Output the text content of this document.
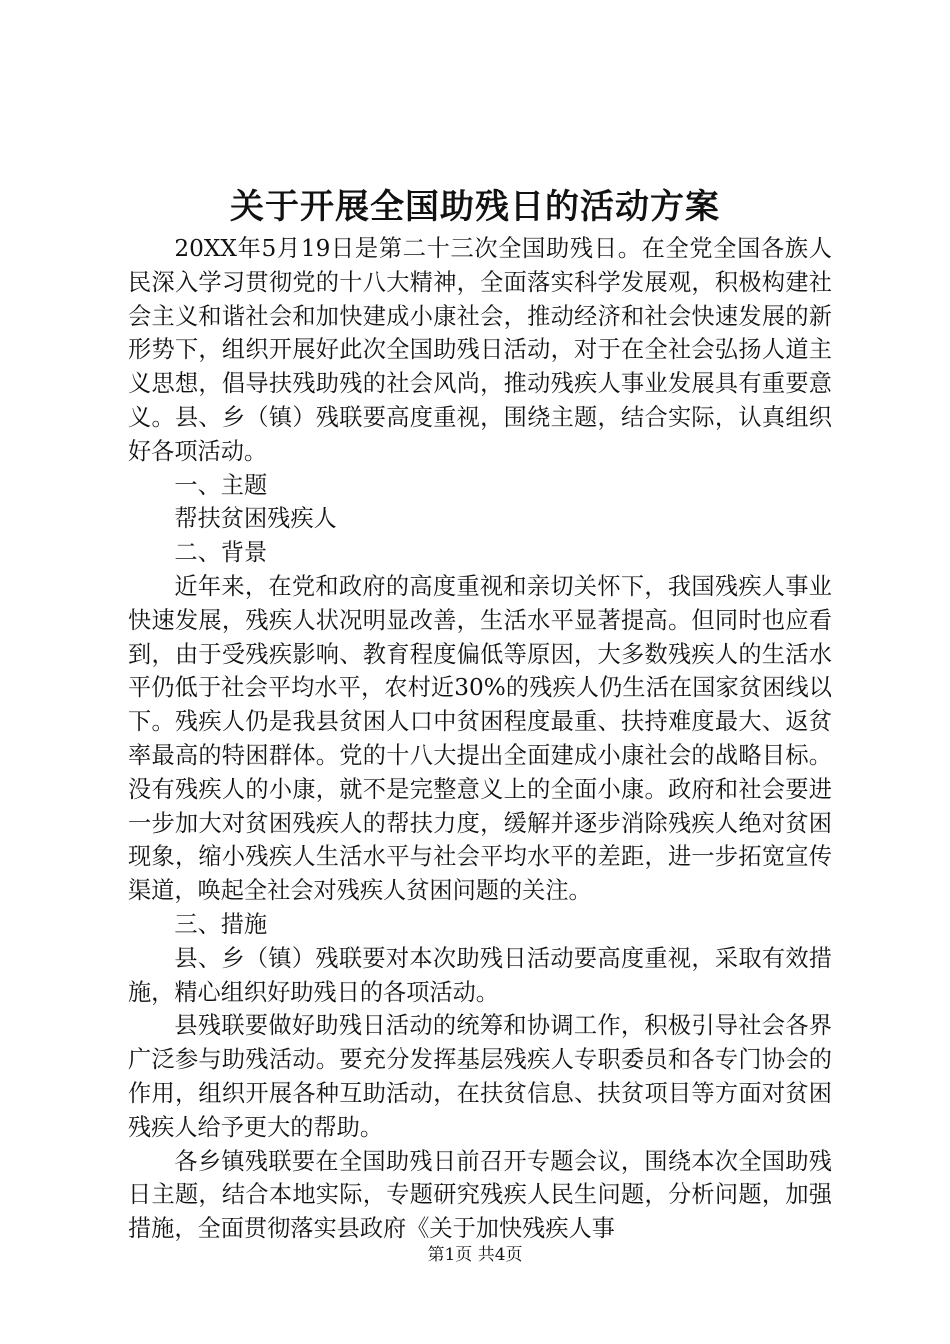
关于开展全国助残日的活动方案

20XX年5月19日是第二十三次全国助残日。在全党全国各族人民深入学习贯彻党的十八大精神，全面落实科学发展观，积极构建社会主义和谐社会和加快建成小康社会，推动经济和社会快速发展的新形势下，组织开展好此次全国助残日活动，对于在全社会弘扬人道主义思想，倡导扶残助残的社会风尚，推动残疾人事业发展具有重要意义。县、乡（镇）残联要高度重视，围绕主题，结合实际，认真组织好各项活动。

一、主题

帮扶贫困残疾人

二、背景

近年来，在党和政府的高度重视和亲切关怀下，我国残疾人事业快速发展，残疾人状况明显改善，生活水平显著提高。但同时也应看到，由于受残疾影响、教育程度偏低等原因，大多数残疾人的生活水平仍低于社会平均水平，农村近30%的残疾人仍生活在国家贫困线以下。残疾人仍是我县贫困人口中贫困程度最重、扶持难度最大、返贫率最高的特困群体。党的十八大提出全面建成小康社会的战略目标。没有残疾人的小康，就不是完整意义上的全面小康。政府和社会要进一步加大对贫困残疾人的帮扶力度，缓解并逐步消除残疾人绝对贫困现象，缩小残疾人生活水平与社会平均水平的差距，进一步拓宽宣传渠道，唤起全社会对残疾人贫困问题的关注。

三、措施

县、乡（镇）残联要对本次助残日活动要高度重视，采取有效措施，精心组织好助残日的各项活动。

县残联要做好助残日活动的统筹和协调工作，积极引导社会各界广泛参与助残活动。要充分发挥基层残疾人专职委员和各专门协会的作用，组织开展各种互助活动，在扶贫信息、扶贫项目等方面对贫困残疾人给予更大的帮助。

各乡镇残联要在全国助残日前召开专题会议，围绕本次全国助残日主题，结合本地实际，专题研究残疾人民生问题，分析问题，加强措施，全面贯彻落实县政府《关于加快残疾人事

第1页 共4页
